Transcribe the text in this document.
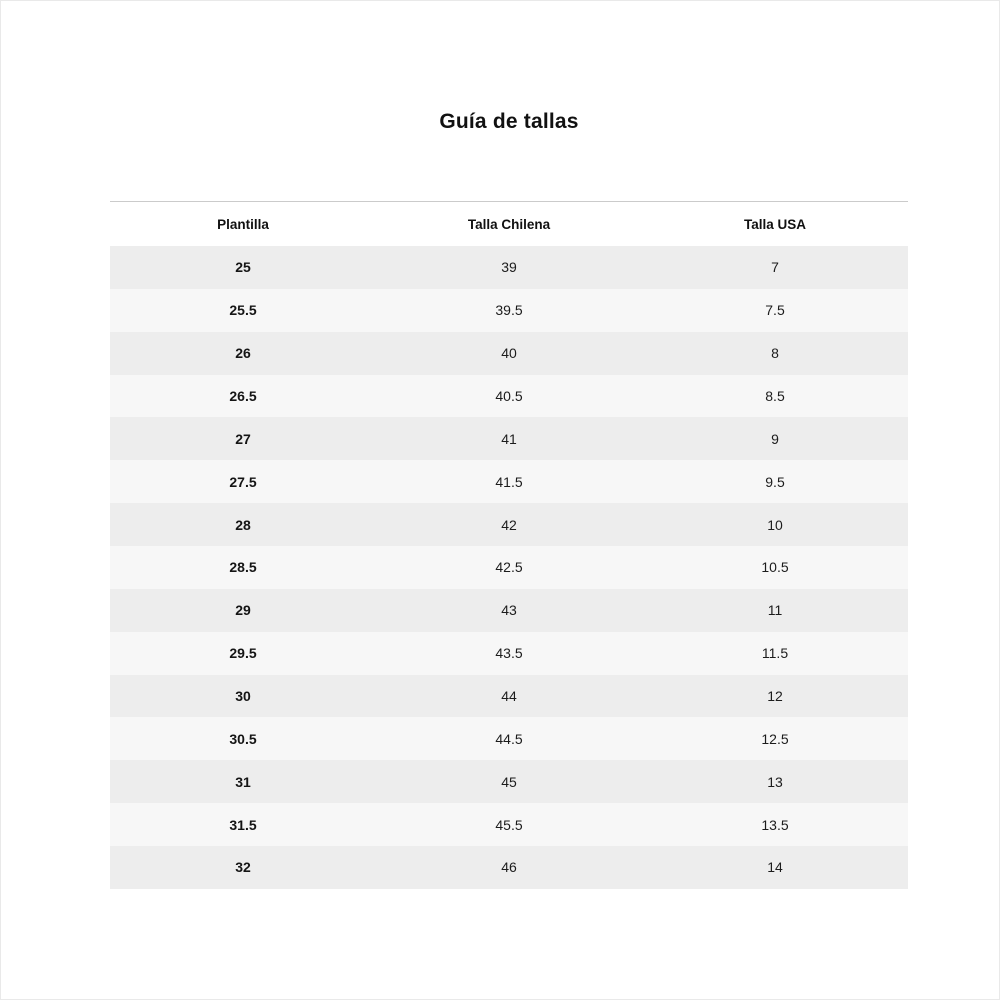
Guía de tallas
Plantilla	Talla Chilena	Talla USA
25	39	7
25.5	39.5	7.5
26	40	8
26.5	40.5	8.5
27	41	9
27.5	41.5	9.5
28	42	10
28.5	42.5	10.5
29	43	11
29.5	43.5	11.5
30	44	12
30.5	44.5	12.5
31	45	13
31.5	45.5	13.5
32	46	14
